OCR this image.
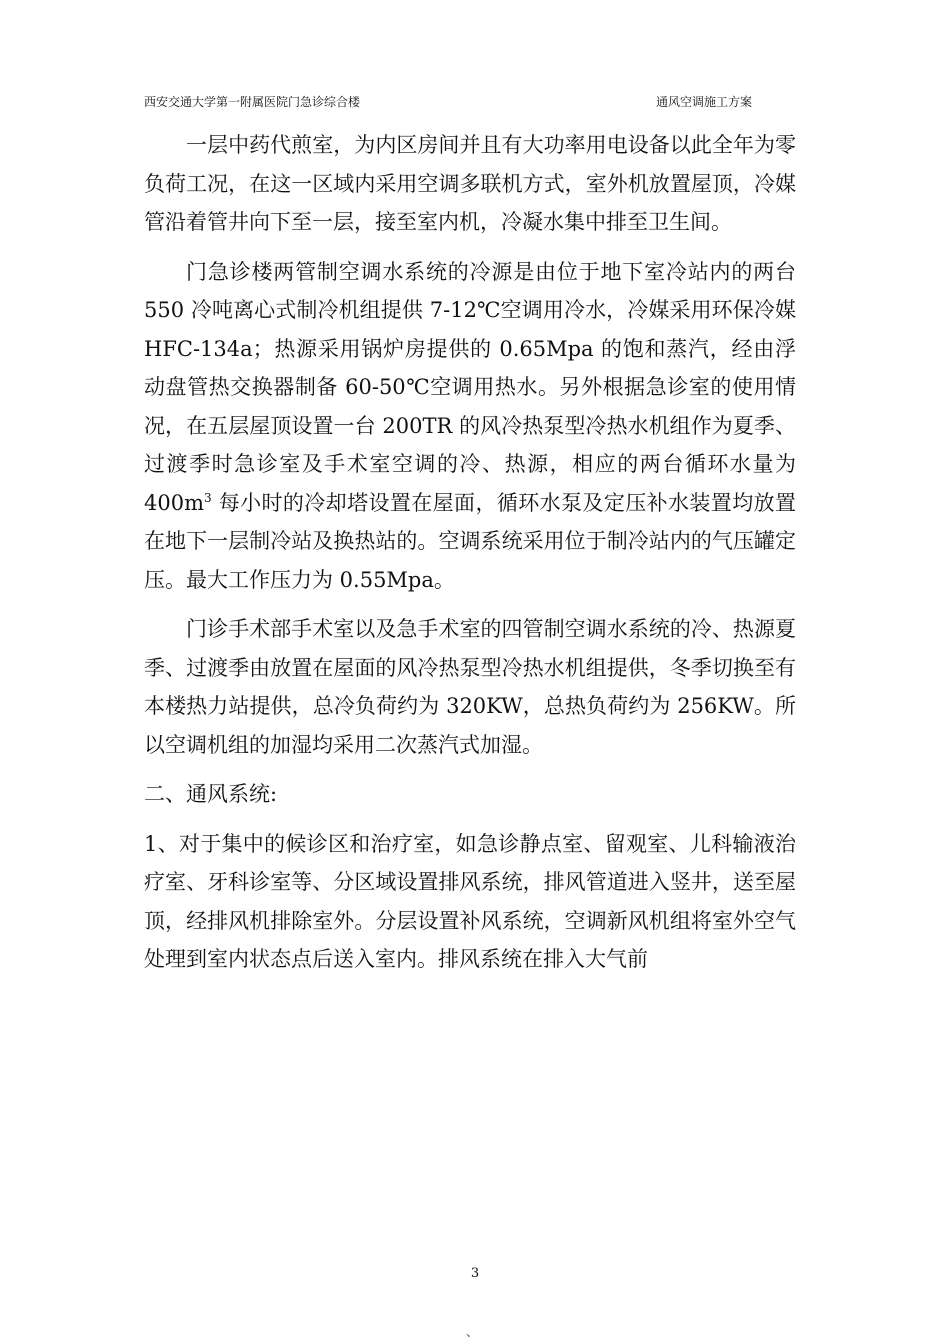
西安交通大学第一附属医院门急诊综合楼	通风空调施工方案

一层中药代煎室，为内区房间并且有大功率用电设备以此全年为零负荷工况，在这一区域内采用空调多联机方式，室外机放置屋顶，冷媒管沿着管井向下至一层，接至室内机，冷凝水集中排至卫生间。

门急诊楼两管制空调水系统的冷源是由位于地下室冷站内的两台 550 冷吨离心式制冷机组提供 7-12℃空调用冷水，冷媒采用环保冷媒 HFC-134a；热源采用锅炉房提供的 0.65Mpa 的饱和蒸汽，经由浮动盘管热交换器制备 60-50℃空调用热水。另外根据急诊室的使用情况，在五层屋顶设置一台 200TR 的风冷热泵型冷热水机组作为夏季、过渡季时急诊室及手术室空调的冷、热源，相应的两台循环水量为 $400m^3$ 每小时的冷却塔设置在屋面，循环水泵及定压补水装置均放置在地下一层制冷站及换热站的。空调系统采用位于制冷站内的气压罐定压。最大工作压力为 0.55Mpa。

门诊手术部手术室以及急手术室的四管制空调水系统的冷、热源夏季、过渡季由放置在屋面的风冷热泵型冷热水机组提供，冬季切换至有本楼热力站提供，总冷负荷约为 320KW，总热负荷约为 256KW。所以空调机组的加湿均采用二次蒸汽式加湿。

二、通风系统:

1、对于集中的候诊区和治疗室，如急诊静点室、留观室、儿科输液治疗室、牙科诊室等、分区域设置排风系统，排风管道进入竖井，送至屋顶，经排风机排除室外。分层设置补风系统，空调新风机组将室外空气处理到室内状态点后送入室内。排风系统在排入大气前

3
、
